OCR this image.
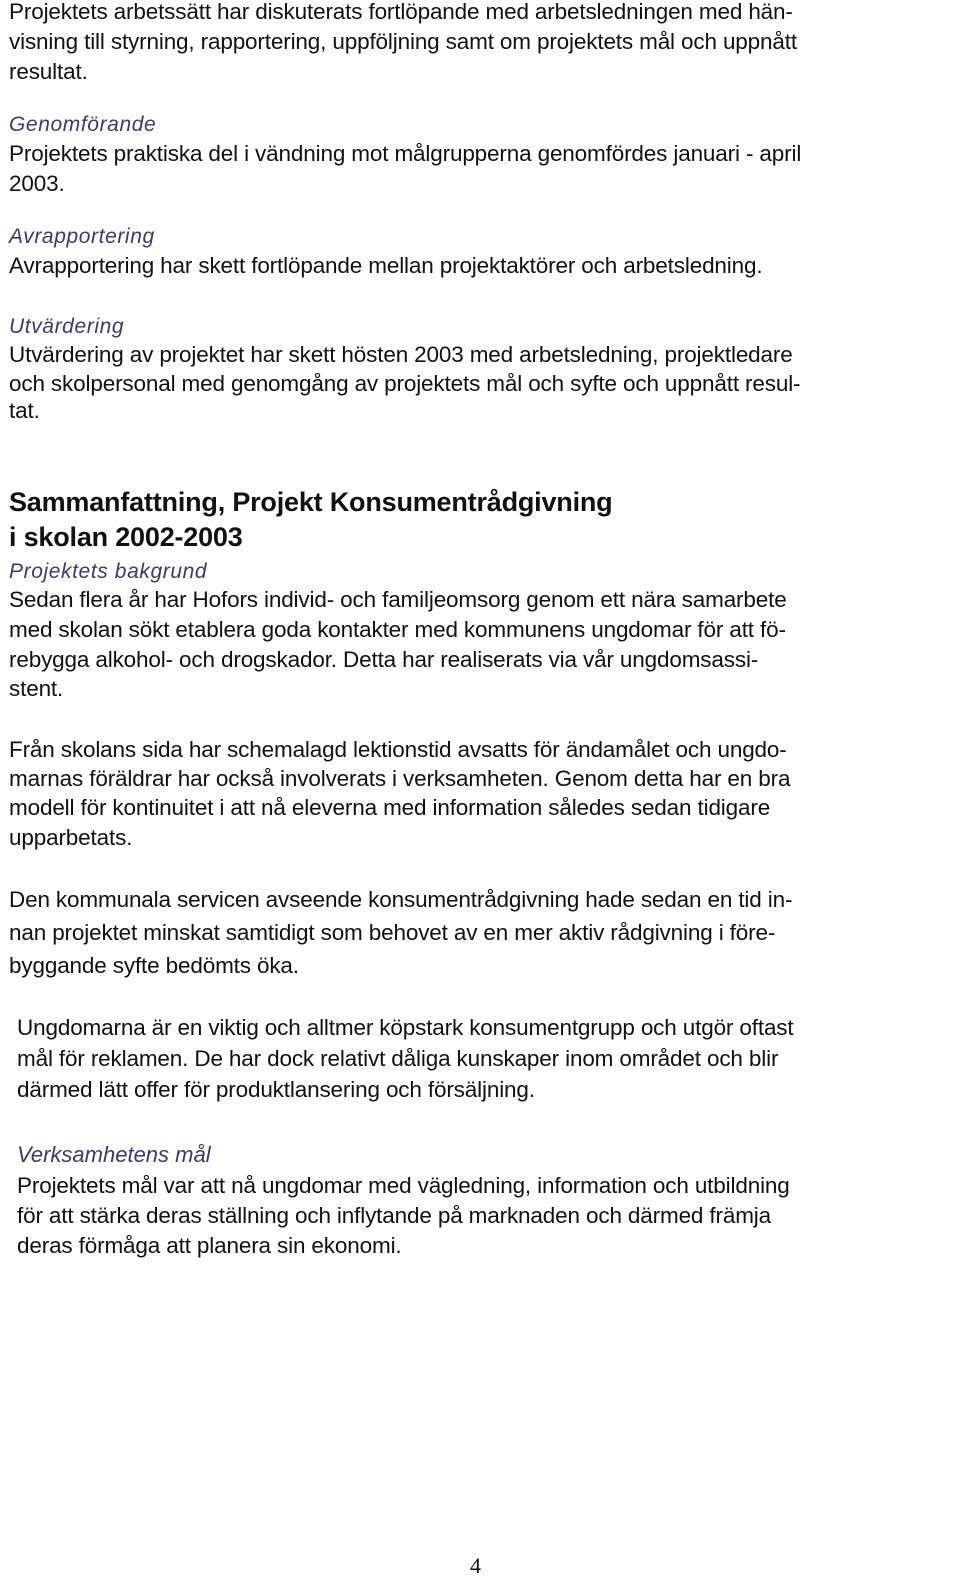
Projektets arbetssätt har diskuterats fortlöpande med arbetsledningen med hän-
visning till styrning, rapportering, uppföljning samt om projektets mål och uppnått
resultat.
Genomförande
Projektets praktiska del i vändning mot målgrupperna genomfördes januari - april
2003.
Avrapportering
Avrapportering har skett fortlöpande mellan projektaktörer och arbetsledning.
Utvärdering
Utvärdering av projektet har skett hösten 2003 med arbetsledning, projektledare
och skolpersonal med genomgång av projektets mål och syfte och uppnått resul-
tat.
Sammanfattning, Projekt Konsumentrådgivning
i skolan 2002-2003
Projektets bakgrund
Sedan flera år har Hofors individ- och familjeomsorg genom ett nära samarbete
med skolan sökt etablera goda kontakter med kommunens ungdomar för att fö-
rebygga alkohol- och drogskador. Detta har realiserats via vår ungdomsassi-
stent.
Från skolans sida har schemalagd lektionstid avsatts för ändamålet och ungdo-
marnas föräldrar har också involverats i verksamheten. Genom detta har en bra
modell för kontinuitet i att nå eleverna med information således sedan tidigare
upparbetats.
Den kommunala servicen avseende konsumentrådgivning hade sedan en tid in-
nan projektet minskat samtidigt som behovet av en mer aktiv rådgivning i före-
byggande syfte bedömts öka.
Ungdomarna är en viktig och alltmer köpstark konsumentgrupp och utgör oftast
mål för reklamen. De har dock relativt dåliga kunskaper inom området och blir
därmed lätt offer för produktlansering och försäljning.
Verksamhetens mål
Projektets mål var att nå ungdomar med vägledning, information och utbildning
för att stärka deras ställning och inflytande på marknaden och därmed främja
deras förmåga att planera sin ekonomi.
4
